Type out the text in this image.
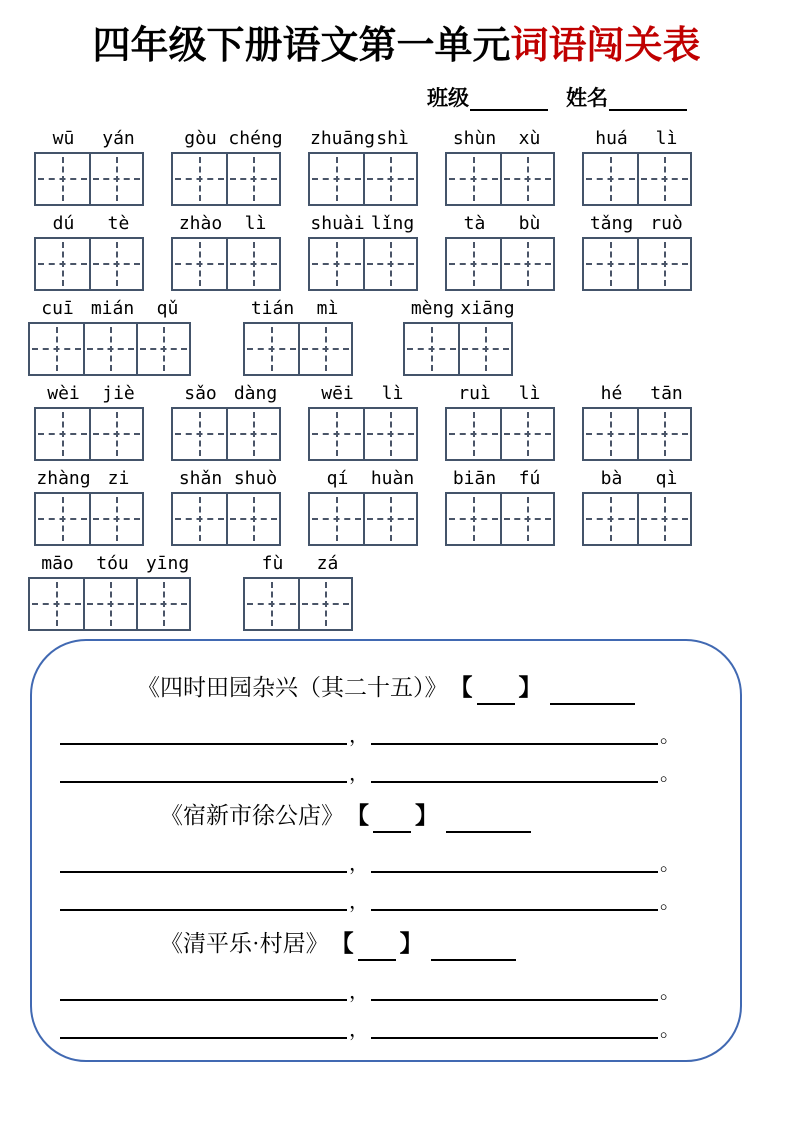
四年级下册语文第一单元词语闯关表
班级	姓名
wū	yán	gòu chéng zhuāng shì	shùn	xù	huá	lì
dú	tè	zhào	lì	shuài lǐng	tà	bù	tǎng ruò
cuī mián	qǔ	tián	mì	mèng xiāng
wèi	jiè	sǎo dàng	wēi	lì	ruì	lì	hé	tān
zhàng zi	shǎn shuò	qí	huàn	biān	fú	bà	qì
māo	tóu yīng	fù	zá
《四时田园杂兴（其二十五）》 【 】
，	。
，	。
《宿新市徐公店》 【 】
，	。
，	。
《清平乐·村居》 【 】
，	。
，	。
